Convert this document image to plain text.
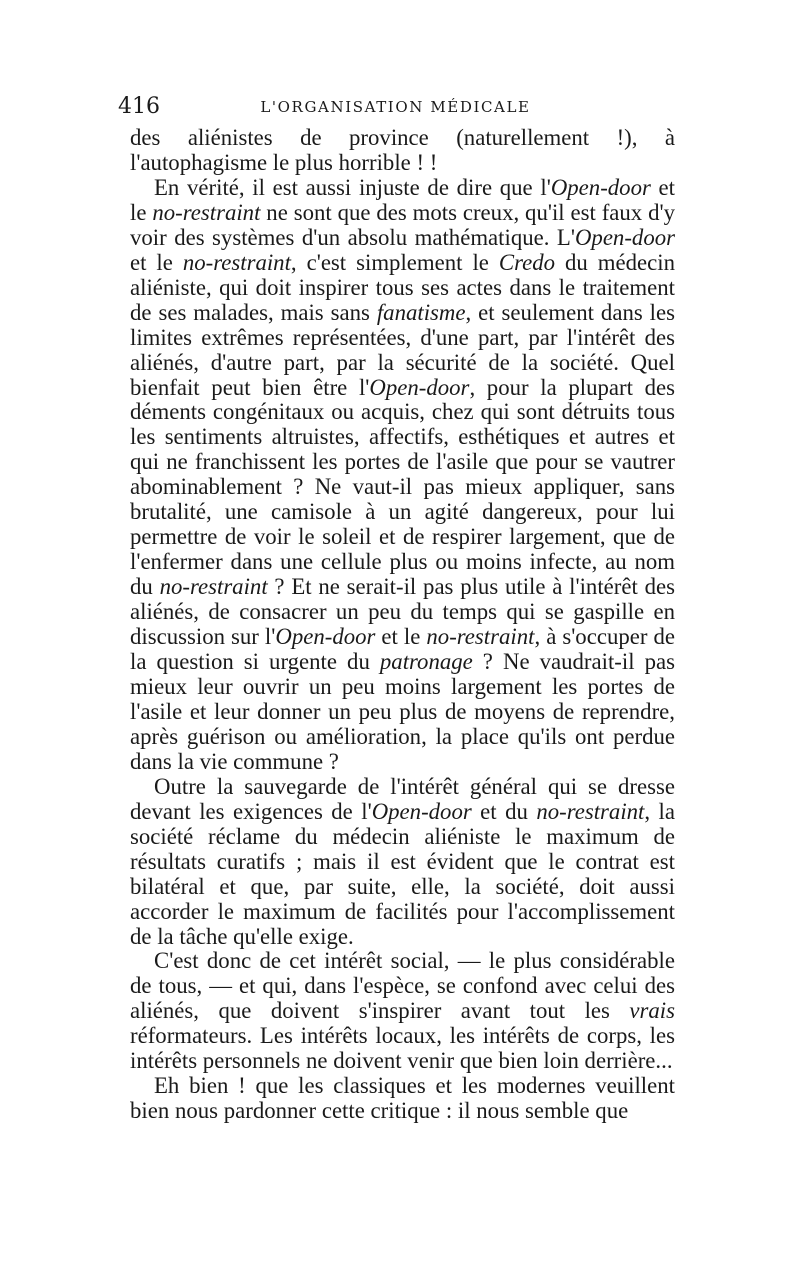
416	L'ORGANISATION MÉDICALE

des aliénistes de province (naturellement !), à l'autophagisme le plus horrible ! !

En vérité, il est aussi injuste de dire que l'Open-door et le no-restraint ne sont que des mots creux, qu'il est faux d'y voir des systèmes d'un absolu mathématique. L'Open-door et le no-restraint, c'est simplement le Credo du médecin aliéniste, qui doit inspirer tous ses actes dans le traitement de ses malades, mais sans fanatisme, et seulement dans les limites extrêmes représentées, d'une part, par l'intérêt des aliénés, d'autre part, par la sécurité de la société. Quel bienfait peut bien être l'Open-door, pour la plupart des déments congénitaux ou acquis, chez qui sont détruits tous les sentiments altruistes, affectifs, esthétiques et autres et qui ne franchissent les portes de l'asile que pour se vautrer abominablement ? Ne vaut-il pas mieux appliquer, sans brutalité, une camisole à un agité dangereux, pour lui permettre de voir le soleil et de respirer largement, que de l'enfermer dans une cellule plus ou moins infecte, au nom du no-restraint ? Et ne serait-il pas plus utile à l'intérêt des aliénés, de consacrer un peu du temps qui se gaspille en discussion sur l'Open-door et le no-restraint, à s'occuper de la question si urgente du patronage ? Ne vaudrait-il pas mieux leur ouvrir un peu moins largement les portes de l'asile et leur donner un peu plus de moyens de reprendre, après guérison ou amélioration, la place qu'ils ont perdue dans la vie commune ?

Outre la sauvegarde de l'intérêt général qui se dresse devant les exigences de l'Open-door et du no-restraint, la société réclame du médecin aliéniste le maximum de résultats curatifs ; mais il est évident que le contrat est bilatéral et que, par suite, elle, la société, doit aussi accorder le maximum de facilités pour l'accomplissement de la tâche qu'elle exige.

C'est donc de cet intérêt social, — le plus considérable de tous, — et qui, dans l'espèce, se confond avec celui des aliénés, que doivent s'inspirer avant tout les vrais réformateurs. Les intérêts locaux, les intérêts de corps, les intérêts personnels ne doivent venir que bien loin derrière...

Eh bien ! que les classiques et les modernes veuillent bien nous pardonner cette critique : il nous semble que
